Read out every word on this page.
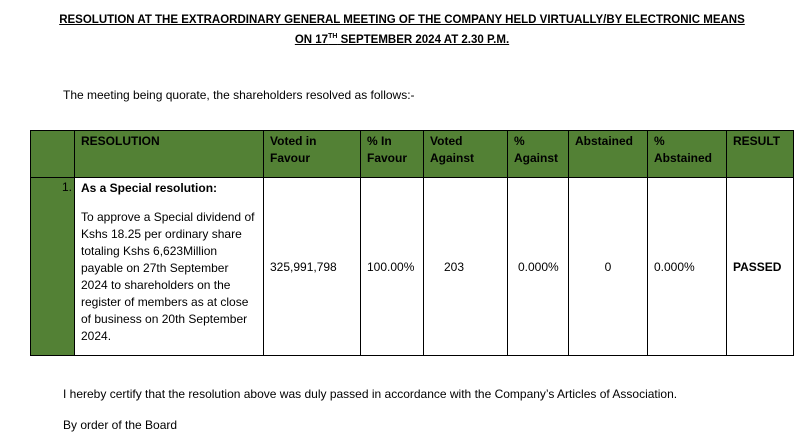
RESOLUTION AT THE EXTRAORDINARY GENERAL MEETING OF THE COMPANY HELD VIRTUALLY/BY ELECTRONIC MEANS
ON 17TH SEPTEMBER 2024 AT 2.30 P.M.
The meeting being quorate, the shareholders resolved as follows:-
	RESOLUTION	Voted in Favour	% In Favour	Voted Against	% Against	Abstained	% Abstained	RESULT
1.	As a Special resolution:
To approve a Special dividend of Kshs 18.25 per ordinary share totaling Kshs 6,623Million payable on 27th September 2024 to shareholders on the register of members as at close of business on 20th September 2024.	325,991,798	100.00%	203	0.000%	0	0.000%	PASSED
I hereby certify that the resolution above was duly passed in accordance with the Company’s Articles of Association.
By order of the Board
